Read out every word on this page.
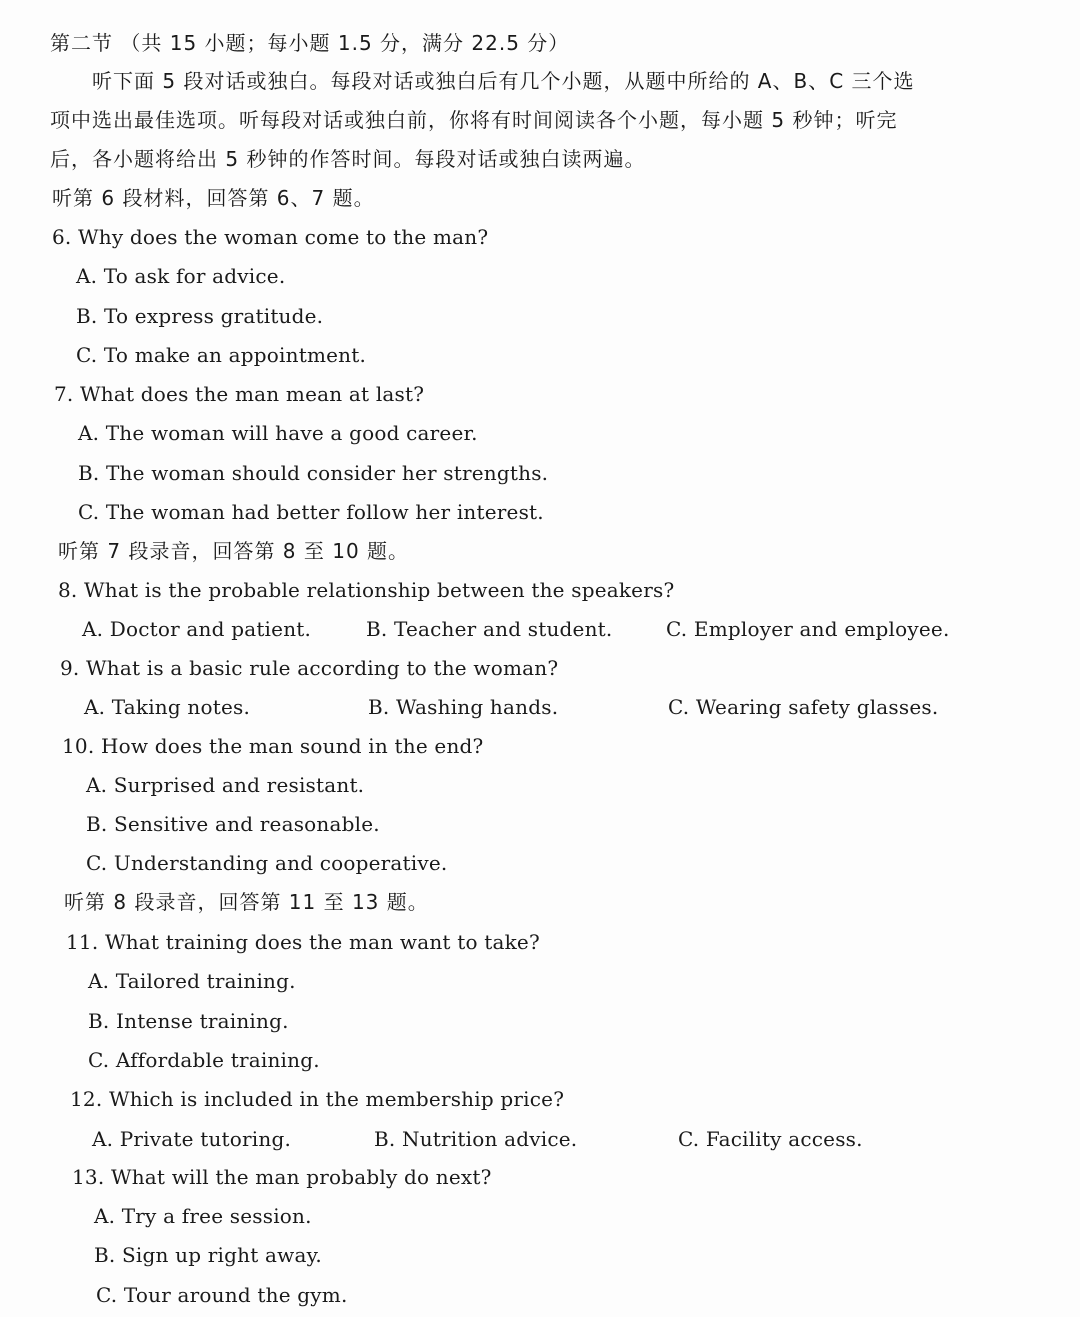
第二节 （共 15 小题；每小题 1.5 分，满分 22.5 分）
听下面 5 段对话或独白。每段对话或独白后有几个小题，从题中所给的 A、B、C 三个选
项中选出最佳选项。听每段对话或独白前，你将有时间阅读各个小题，每小题 5 秒钟；听完
后，各小题将给出 5 秒钟的作答时间。每段对话或独白读两遍。
听第 6 段材料，回答第 6、7 题。
6. Why does the woman come to the man?
A. To ask for advice.
B. To express gratitude.
C. To make an appointment.
7. What does the man mean at last?
A. The woman will have a good career.
B. The woman should consider her strengths.
C. The woman had better follow her interest.
听第 7 段录音，回答第 8 至 10 题。
8. What is the probable relationship between the speakers?
A. Doctor and patient.	B. Teacher and student.	C. Employer and employee.
9. What is a basic rule according to the woman?
A. Taking notes.	B. Washing hands.	C. Wearing safety glasses.
10. How does the man sound in the end?
A. Surprised and resistant.
B. Sensitive and reasonable.
C. Understanding and cooperative.
听第 8 段录音，回答第 11 至 13 题。
11. What training does the man want to take?
A. Tailored training.
B. Intense training.
C. Affordable training.
12. Which is included in the membership price?
A. Private tutoring.	B. Nutrition advice.	C. Facility access.
13. What will the man probably do next?
A. Try a free session.
B. Sign up right away.
C. Tour around the gym.
